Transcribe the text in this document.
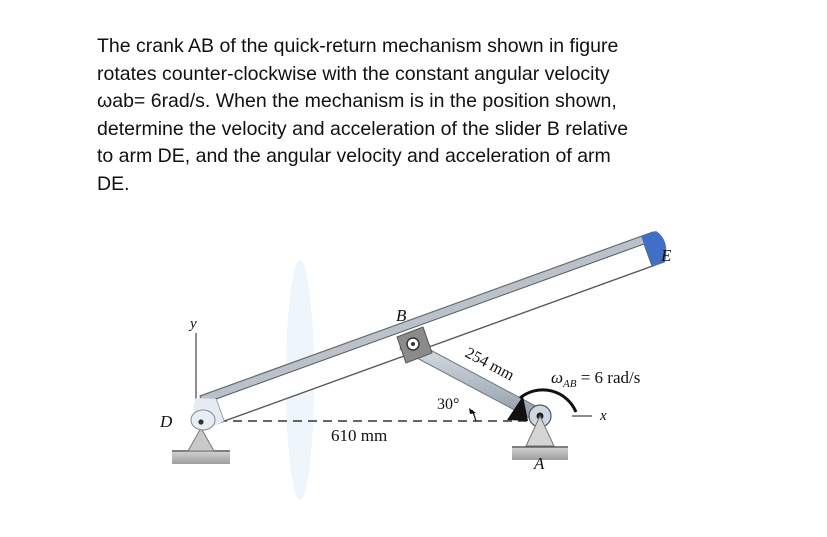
The crank AB of the quick-return mechanism shown in figure

rotates counter-clockwise with the constant angular velocity

ωab= 6rad/s. When the mechanism is in the position shown,

determine the velocity and acceleration of the slider B relative

to arm DE, and the angular velocity and acceleration of arm

DE.

y	B
A
x
30°
254 mm
610 mm
D
E
$\omega_{AB} = 6$ rad/s
